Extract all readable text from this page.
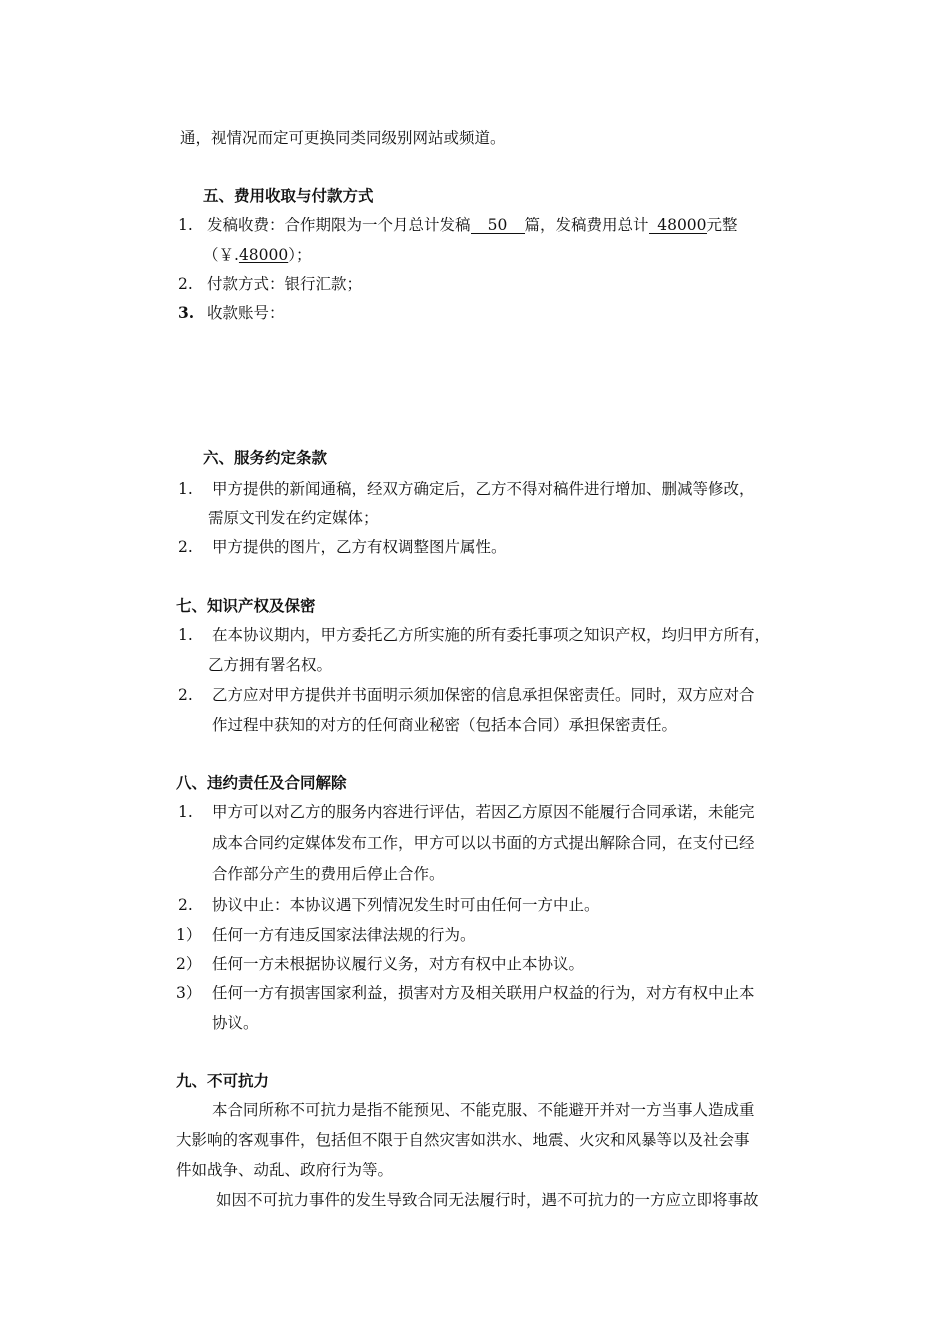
通，视情况而定可更换同类同级别网站或频道。
五、费用收取与付款方式
1. 发稿收费：合作期限为一个月总计发稿 50 篇，发稿费用总计 48000元整
（￥.48000）；
2. 付款方式：银行汇款；
3. 收款账号：
六、服务约定条款
1. 甲方提供的新闻通稿，经双方确定后，乙方不得对稿件进行增加、删减等修改，
需原文刊发在约定媒体；
2. 甲方提供的图片，乙方有权调整图片属性。
七、知识产权及保密
1. 在本协议期内，甲方委托乙方所实施的所有委托事项之知识产权，均归甲方所有，
乙方拥有署名权。
2. 乙方应对甲方提供并书面明示须加保密的信息承担保密责任。同时，双方应对合
作过程中获知的对方的任何商业秘密（包括本合同）承担保密责任。
八、违约责任及合同解除
1. 甲方可以对乙方的服务内容进行评估，若因乙方原因不能履行合同承诺，未能完
成本合同约定媒体发布工作，甲方可以以书面的方式提出解除合同，在支付已经
合作部分产生的费用后停止合作。
2. 协议中止：本协议遇下列情况发生时可由任何一方中止。
1） 任何一方有违反国家法律法规的行为。
2） 任何一方未根据协议履行义务，对方有权中止本协议。
3） 任何一方有损害国家利益，损害对方及相关联用户权益的行为，对方有权中止本
协议。
九、不可抗力
本合同所称不可抗力是指不能预见、不能克服、不能避开并对一方当事人造成重
大影响的客观事件，包括但不限于自然灾害如洪水、地震、火灾和风暴等以及社会事
件如战争、动乱、政府行为等。
如因不可抗力事件的发生导致合同无法履行时，遇不可抗力的一方应立即将事故
